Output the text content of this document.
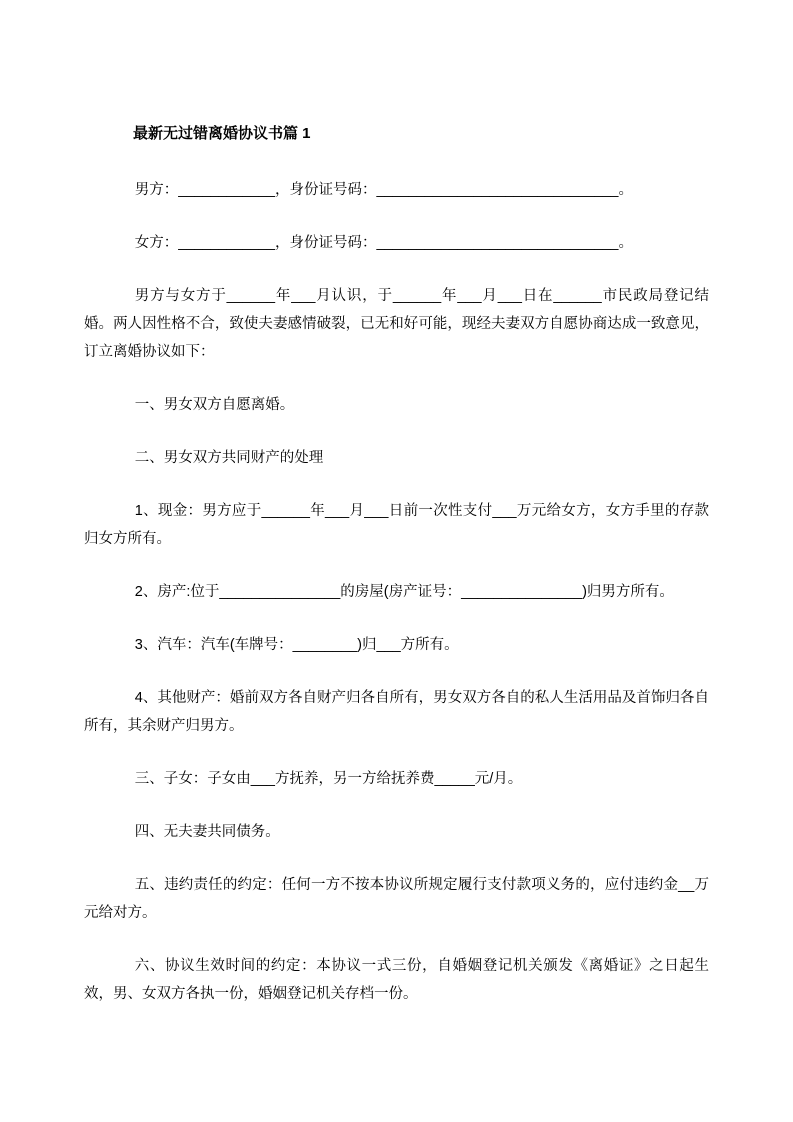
最新无过错离婚协议书篇 1

男方：____________，身份证号码：______________________________。

女方：____________，身份证号码：______________________________。

男方与女方于______年___月认识，于______年___月___日在______市民政局登记结婚。两人因性格不合，致使夫妻感情破裂，已无和好可能，现经夫妻双方自愿协商达成一致意见，订立离婚协议如下：

一、男女双方自愿离婚。

二、男女双方共同财产的处理

1、现金：男方应于______年___月___日前一次性支付___万元给女方，女方手里的存款归女方所有。

2、房产:位于_______________的房屋(房产证号：_______________)归男方所有。

3、汽车：汽车(车牌号：________)归___方所有。

4、其他财产：婚前双方各自财产归各自所有，男女双方各自的私人生活用品及首饰归各自所有，其余财产归男方。

三、子女：子女由___方抚养，另一方给抚养费_____元/月。

四、无夫妻共同债务。

五、违约责任的约定：任何一方不按本协议所规定履行支付款项义务的，应付违约金__万元给对方。

六、协议生效时间的约定：本协议一式三份，自婚姻登记机关颁发《离婚证》之日起生效，男、女双方各执一份，婚姻登记机关存档一份。
